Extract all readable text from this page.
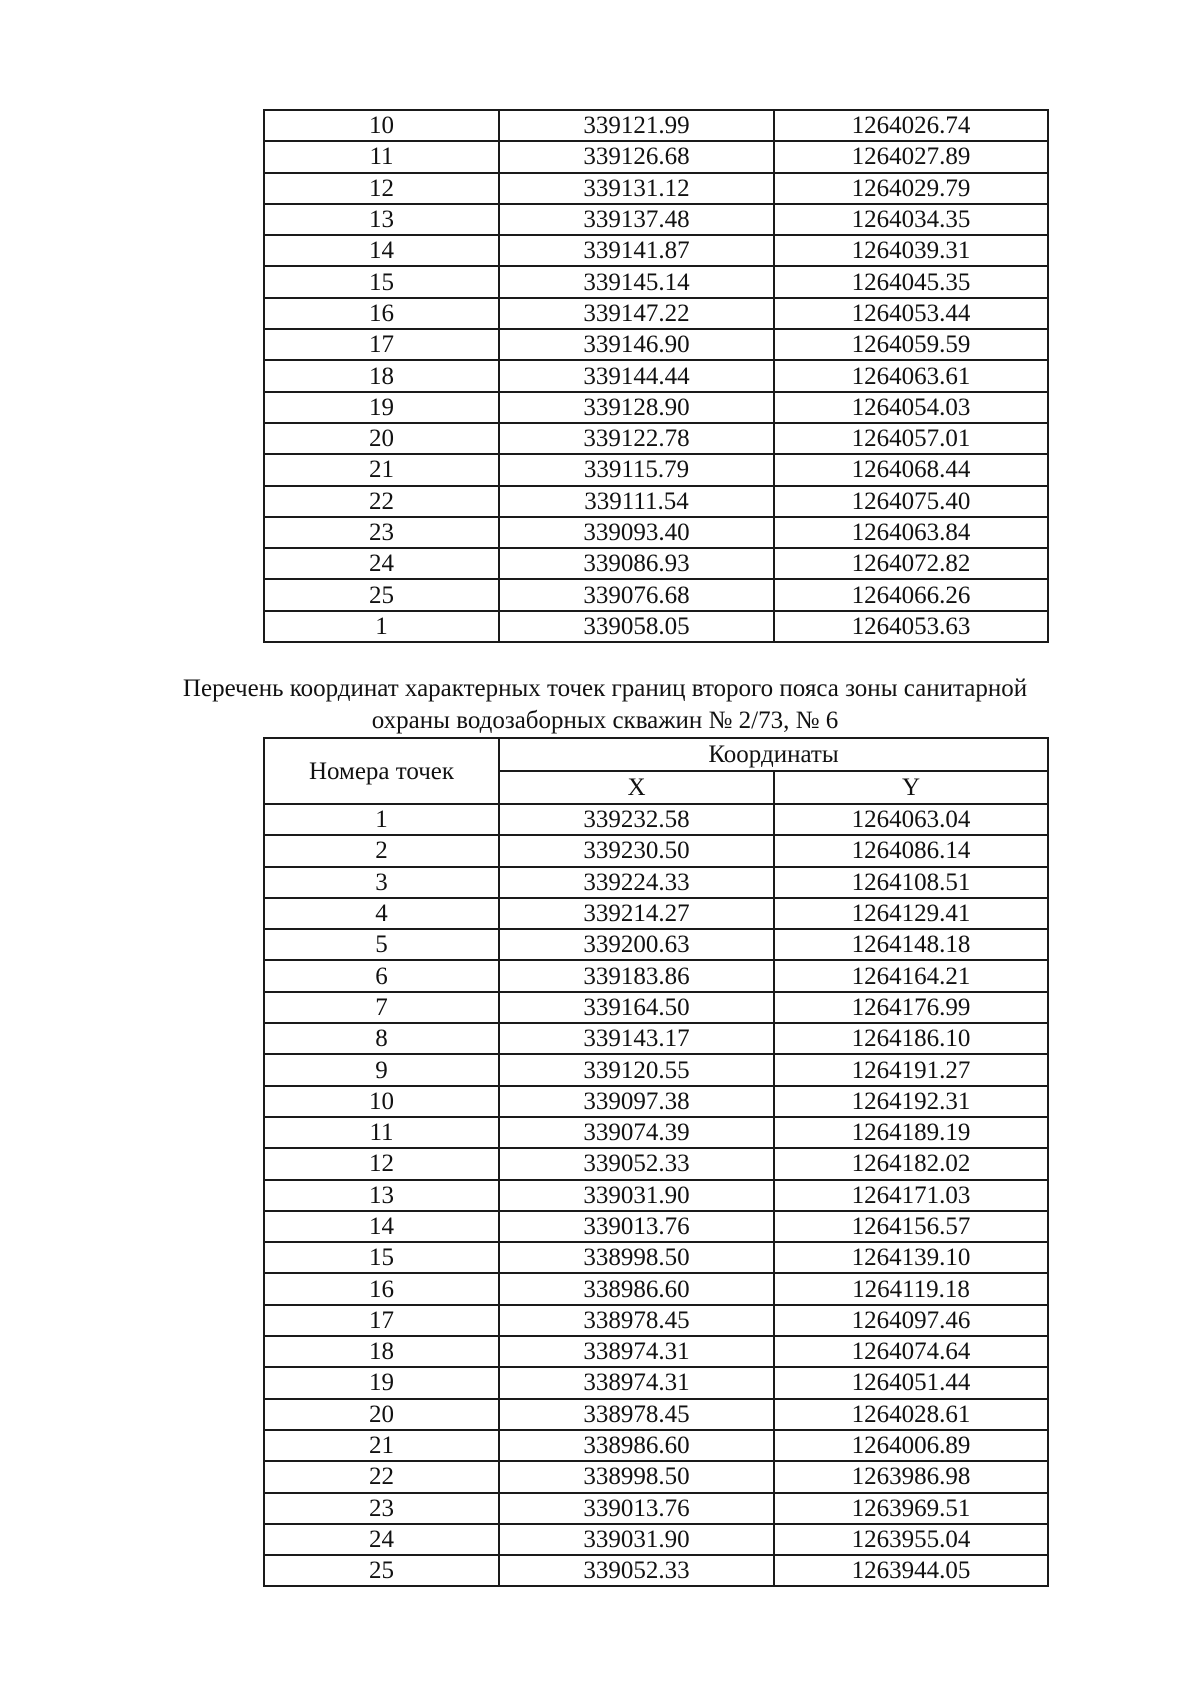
10	339121.99	1264026.74
11	339126.68	1264027.89
12	339131.12	1264029.79
13	339137.48	1264034.35
14	339141.87	1264039.31
15	339145.14	1264045.35
16	339147.22	1264053.44
17	339146.90	1264059.59
18	339144.44	1264063.61
19	339128.90	1264054.03
20	339122.78	1264057.01
21	339115.79	1264068.44
22	339111.54	1264075.40
23	339093.40	1264063.84
24	339086.93	1264072.82
25	339076.68	1264066.26
1	339058.05	1264053.63
Перечень координат характерных точек границ второго пояса зоны санитарной
охраны водозаборных скважин № 2/73, № 6
Номера точек	Координаты	
	X	Y
1	339232.58	1264063.04
2	339230.50	1264086.14
3	339224.33	1264108.51
4	339214.27	1264129.41
5	339200.63	1264148.18
6	339183.86	1264164.21
7	339164.50	1264176.99
8	339143.17	1264186.10
9	339120.55	1264191.27
10	339097.38	1264192.31
11	339074.39	1264189.19
12	339052.33	1264182.02
13	339031.90	1264171.03
14	339013.76	1264156.57
15	338998.50	1264139.10
16	338986.60	1264119.18
17	338978.45	1264097.46
18	338974.31	1264074.64
19	338974.31	1264051.44
20	338978.45	1264028.61
21	338986.60	1264006.89
22	338998.50	1263986.98
23	339013.76	1263969.51
24	339031.90	1263955.04
25	339052.33	1263944.05
